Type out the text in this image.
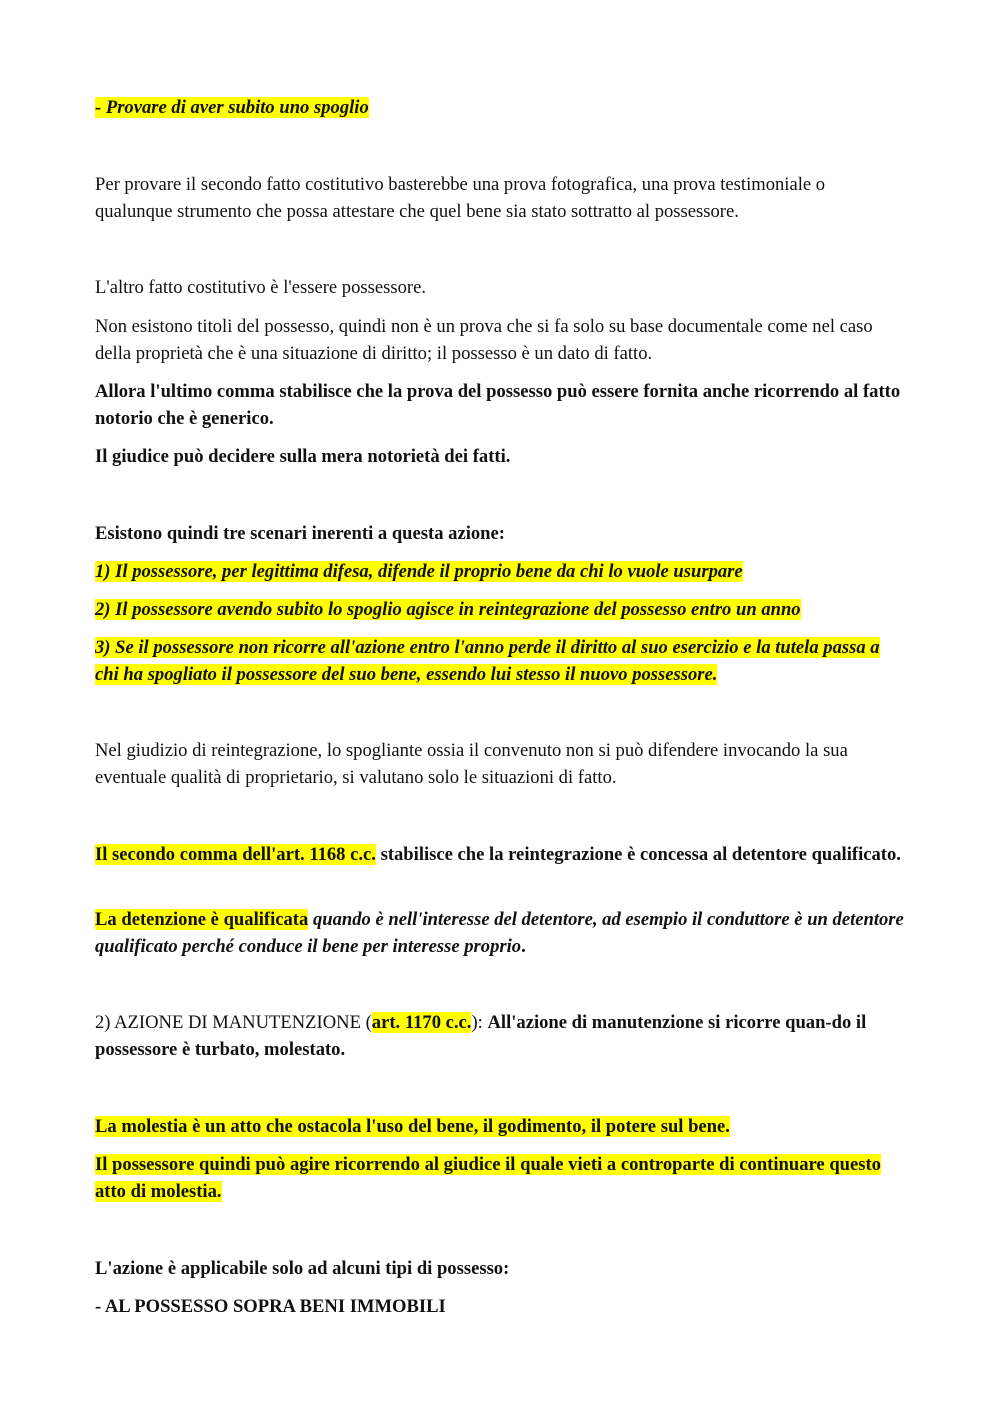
- Provare di aver subito uno spoglio

Per provare il secondo fatto costitutivo basterebbe una prova fotografica, una prova testimoniale o qualunque strumento che possa attestare che quel bene sia stato sottratto al possessore.

L'altro fatto costitutivo è l'essere possessore.

Non esistono titoli del possesso, quindi non è un prova che si fa solo su base documentale come nel caso della proprietà che è una situazione di diritto; il possesso è un dato di fatto.

Allora l'ultimo comma stabilisce che la prova del possesso può essere fornita anche ricorrendo al fatto notorio che è generico.

Il giudice può decidere sulla mera notorietà dei fatti.

Esistono quindi tre scenari inerenti a questa azione:

1) Il possessore, per legittima difesa, difende il proprio bene da chi lo vuole usurpare

2) Il possessore avendo subito lo spoglio agisce in reintegrazione del possesso entro un anno

3) Se il possessore non ricorre all'azione entro l'anno perde il diritto al suo esercizio e la tutela passa a chi ha spogliato il possessore del suo bene, essendo lui stesso il nuovo possessore.

Nel giudizio di reintegrazione, lo spogliante ossia il convenuto non si può difendere invocando la sua eventuale qualità di proprietario, si valutano solo le situazioni di fatto.

Il secondo comma dell'art. 1168 c.c. stabilisce che la reintegrazione è concessa al detentore qualificato.

La detenzione è qualificata quando è nell'interesse del detentore, ad esempio il conduttore è un detentore qualificato perché conduce il bene per interesse proprio.

2) AZIONE DI MANUTENZIONE (art. 1170 c.c.): All'azione di manutenzione si ricorre quan-do il possessore è turbato, molestato.

La molestia è un atto che ostacola l'uso del bene, il godimento, il potere sul bene.

Il possessore quindi può agire ricorrendo al giudice il quale vieti a controparte di continuare questo atto di molestia.

L'azione è applicabile solo ad alcuni tipi di possesso:

- AL POSSESSO SOPRA BENI IMMOBILI
